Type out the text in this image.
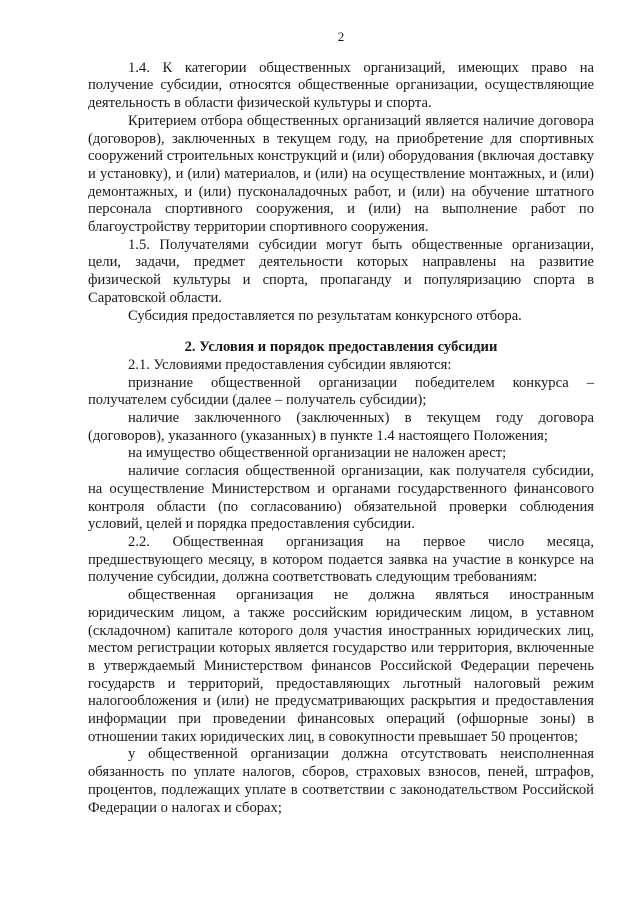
2

1.4. К категории общественных организаций, имеющих право на получение субсидии, относятся общественные организации, осуществляющие деятельность в области физической культуры и спорта.

Критерием отбора общественных организаций является наличие договора (договоров), заключенных в текущем году, на приобретение для спортивных сооружений строительных конструкций и (или) оборудования (включая доставку и установку), и (или) материалов, и (или) на осуществление монтажных, и (или) демонтажных, и (или) пусконаладочных работ, и (или) на обучение штатного персонала спортивного сооружения, и (или) на выполнение работ по благоустройству территории спортивного сооружения.

1.5. Получателями субсидии могут быть общественные организации, цели, задачи, предмет деятельности которых направлены на развитие физической культуры и спорта, пропаганду и популяризацию спорта в Саратовской области.

Субсидия предоставляется по результатам конкурсного отбора.

2. Условия и порядок предоставления субсидии

2.1. Условиями предоставления субсидии являются:

признание общественной организации победителем конкурса – получателем субсидии (далее – получатель субсидии);

наличие заключенного (заключенных) в текущем году договора (договоров), указанного (указанных) в пункте 1.4 настоящего Положения;

на имущество общественной организации не наложен арест;

наличие согласия общественной организации, как получателя субсидии, на осуществление Министерством и органами государственного финансового контроля области (по согласованию) обязательной проверки соблюдения условий, целей и порядка предоставления субсидии.

2.2. Общественная организация на первое число месяца, предшествующего месяцу, в котором подается заявка на участие в конкурсе на получение субсидии, должна соответствовать следующим требованиям:

общественная организация не должна являться иностранным юридическим лицом, а также российским юридическим лицом, в уставном (складочном) капитале которого доля участия иностранных юридических лиц, местом регистрации которых является государство или территория, включенные в утверждаемый Министерством финансов Российской Федерации перечень государств и территорий, предоставляющих льготный налоговый режим налогообложения и (или) не предусматривающих раскрытия и предоставления информации при проведении финансовых операций (офшорные зоны) в отношении таких юридических лиц, в совокупности превышает 50 процентов;

у общественной организации должна отсутствовать неисполненная обязанность по уплате налогов, сборов, страховых взносов, пеней, штрафов, процентов, подлежащих уплате в соответствии с законодательством Российской Федерации о налогах и сборах;
